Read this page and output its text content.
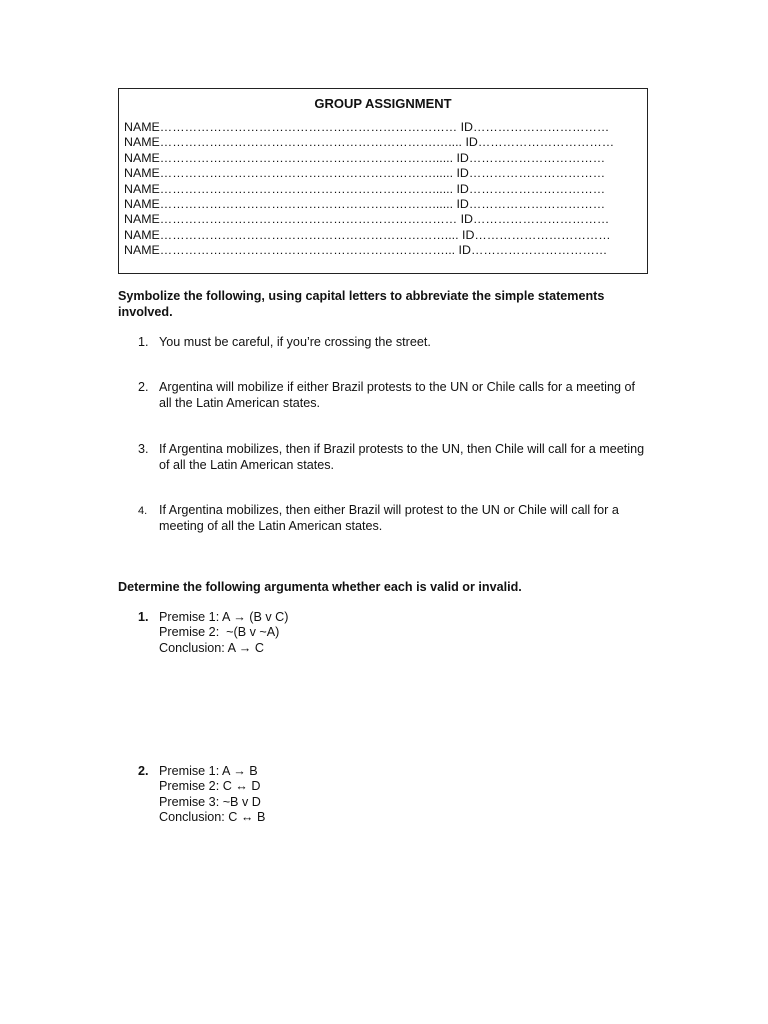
GROUP ASSIGNMENT
NAME……………………………………………………………… ID……………………………
NAME………………………………………………………….….... ID……………………………
NAME…………………………………………………………...... ID……………………………
NAME…………………………………………………………...... ID……………………………
NAME…………………………………………………………...... ID……………………………
NAME…………………………………………………………...... ID……………………………
NAME……………………………………………………………… ID……………………………
NAME…………………………………………………………….... ID……………………………
NAME……………………………………………………………... ID……………………………
Symbolize the following, using capital letters to abbreviate the simple statements involved.
1. You must be careful, if you’re crossing the street.
2. Argentina will mobilize if either Brazil protests to the UN or Chile calls for a meeting of all the Latin American states.
3. If Argentina mobilizes, then if Brazil protests to the UN, then Chile will call for a meeting of all the Latin American states.
4. If Argentina mobilizes, then either Brazil will protest to the UN or Chile will call for a meeting of all the Latin American states.
Determine the following argumenta whether each is valid or invalid.
1. Premise 1: A → (B v C)
Premise 2:  ~(B v ~A)
Conclusion: A → C
2. Premise 1: A → B
Premise 2: C ↔ D
Premise 3: ~B v D
Conclusion: C ↔ B
